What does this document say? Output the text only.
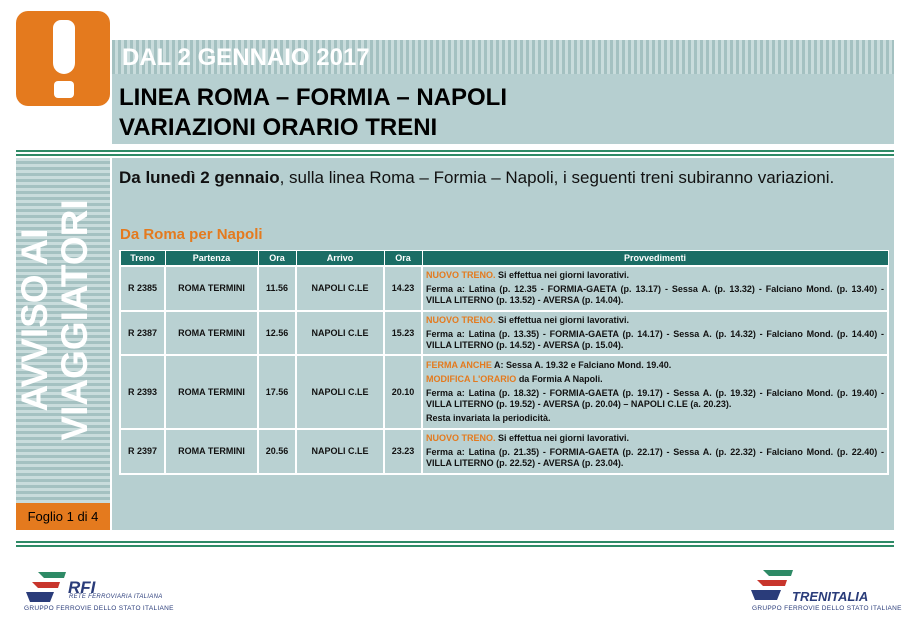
DAL 2 GENNAIO 2017
LINEA ROMA – FORMIA – NAPOLI
VARIAZIONI ORARIO TRENI
AVVISO AI VIAGGIATORI
Foglio 1 di 4
Da lunedì 2 gennaio, sulla linea Roma – Formia – Napoli, i seguenti treni subiranno variazioni.
Da Roma per Napoli
Treno	Partenza	Ora	Arrivo	Ora	Provvedimenti
R 2385	ROMA TERMINI	11.56	NAPOLI C.LE	14.23	NUOVO TRENO. Si effettua nei giorni lavorativi.
Ferma a: Latina (p. 12.35 - FORMIA-GAETA (p. 13.17) - Sessa A. (p. 13.32) - Falciano Mond. (p. 13.40) - VILLA LITERNO (p. 13.52) - AVERSA (p. 14.04).

R 2387	ROMA TERMINI	12.56	NAPOLI C.LE	15.23	NUOVO TRENO. Si effettua nei giorni lavorativi.
Ferma a: Latina (p. 13.35) - FORMIA-GAETA (p. 14.17) - Sessa A. (p. 14.32) - Falciano Mond. (p. 14.40) - VILLA LITERNO (p. 14.52) - AVERSA (p. 15.04).

R 2393	ROMA TERMINI	17.56	NAPOLI C.LE	20.10	FERMA ANCHE A: Sessa A. 19.32 e Falciano Mond. 19.40.
MODIFICA L'ORARIO da Formia A Napoli.
Ferma a: Latina (p. 18.32) - FORMIA-GAETA (p. 19.17) - Sessa A. (p. 19.32) - Falciano Mond. (p. 19.40) - VILLA LITERNO (p. 19.52) - AVERSA (p. 20.04) – NAPOLI C.LE (a. 20.23).
Resta invariata la periodicità.

R 2397	ROMA TERMINI	20.56	NAPOLI C.LE	23.23	NUOVO TRENO. Si effettua nei giorni lavorativi.
Ferma a: Latina (p. 21.35) - FORMIA-GAETA (p. 22.17) - Sessa A. (p. 22.32) - Falciano Mond. (p. 22.40) - VILLA LITERNO (p. 22.52) - AVERSA (p. 23.04).
RFI
RETE FERROVIARIA ITALIANA
GRUPPO FERROVIE DELLO STATO ITALIANE
TRENITALIA
GRUPPO FERROVIE DELLO STATO ITALIANE
